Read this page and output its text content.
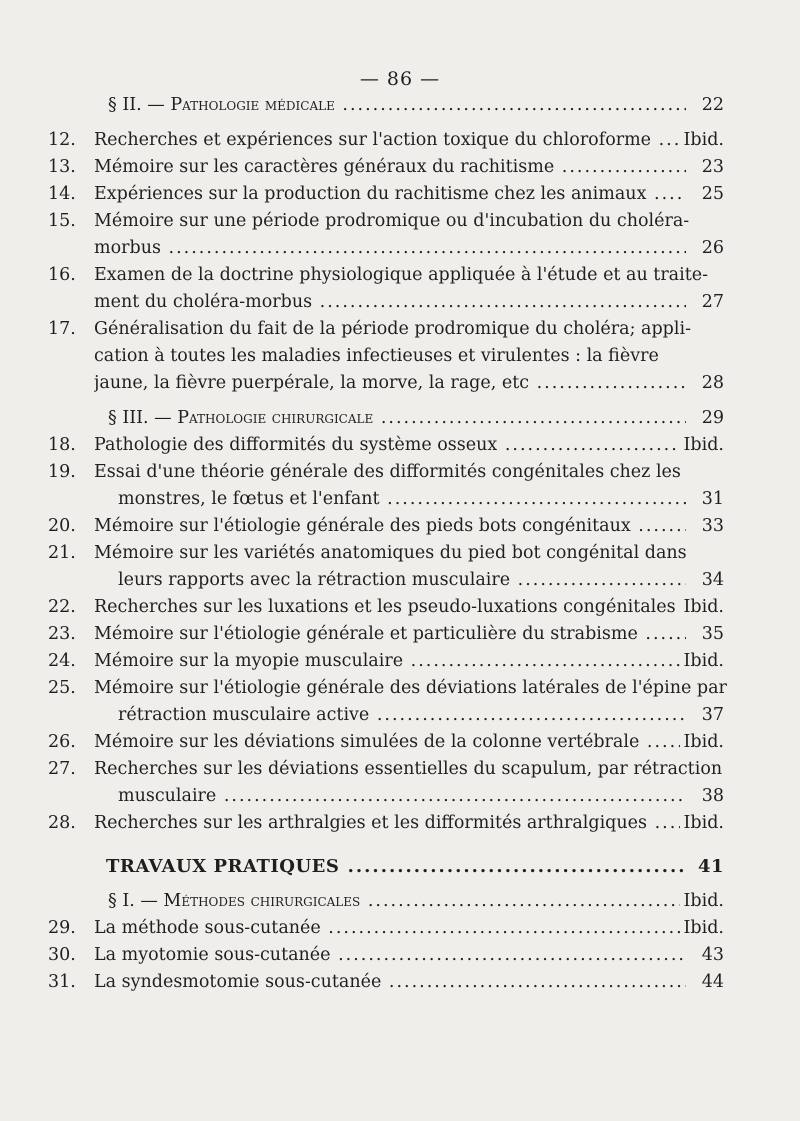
— 86 —
§ II. — Pathologie médicale .....	22
12.	Recherches et expériences sur l'action toxique du chloroforme .....	Ibid.
13.	Mémoire sur les caractères généraux du rachitisme .....	23
14.	Expériences sur la production du rachitisme chez les animaux .....	25
15.	Mémoire sur une période prodromique ou d'incubation du choléra-
morbus .....	26
16.	Examen de la doctrine physiologique appliquée à l'étude et au traite-
ment du choléra-morbus .....	27
17.	Généralisation du fait de la période prodromique du choléra; appli-
cation à toutes les maladies infectieuses et virulentes : la fièvre
jaune, la fièvre puerpérale, la morve, la rage, etc .....	28
§ III. — Pathologie chirurgicale .....	29
18.	Pathologie des difformités du système osseux .....	Ibid.
19.	Essai d'une théorie générale des difformités congénitales chez les
monstres, le fœtus et l'enfant .....	31
20.	Mémoire sur l'étiologie générale des pieds bots congénitaux .....	33
21.	Mémoire sur les variétés anatomiques du pied bot congénital dans
leurs rapports avec la rétraction musculaire .....	34
22.	Recherches sur les luxations et les pseudo-luxations congénitales ..... Ibid.
23.	Mémoire sur l'étiologie générale et particulière du strabisme .....	35
24.	Mémoire sur la myopie musculaire .....	Ibid.
25.	Mémoire sur l'étiologie générale des déviations latérales de l'épine par
rétraction musculaire active .....	37
26.	Mémoire sur les déviations simulées de la colonne vertébrale .....	Ibid.
27.	Recherches sur les déviations essentielles du scapulum, par rétraction
musculaire .....	38
28.	Recherches sur les arthralgies et les difformités arthralgiques .....	Ibid.
TRAVAUX PRATIQUES .....	41
§ I. — Méthodes chirurgicales .....	Ibid.
29.	La méthode sous-cutanée .....	Ibid.
30.	La myotomie sous-cutanée .....	43
31.	La syndesmotomie sous-cutanée .....	44
